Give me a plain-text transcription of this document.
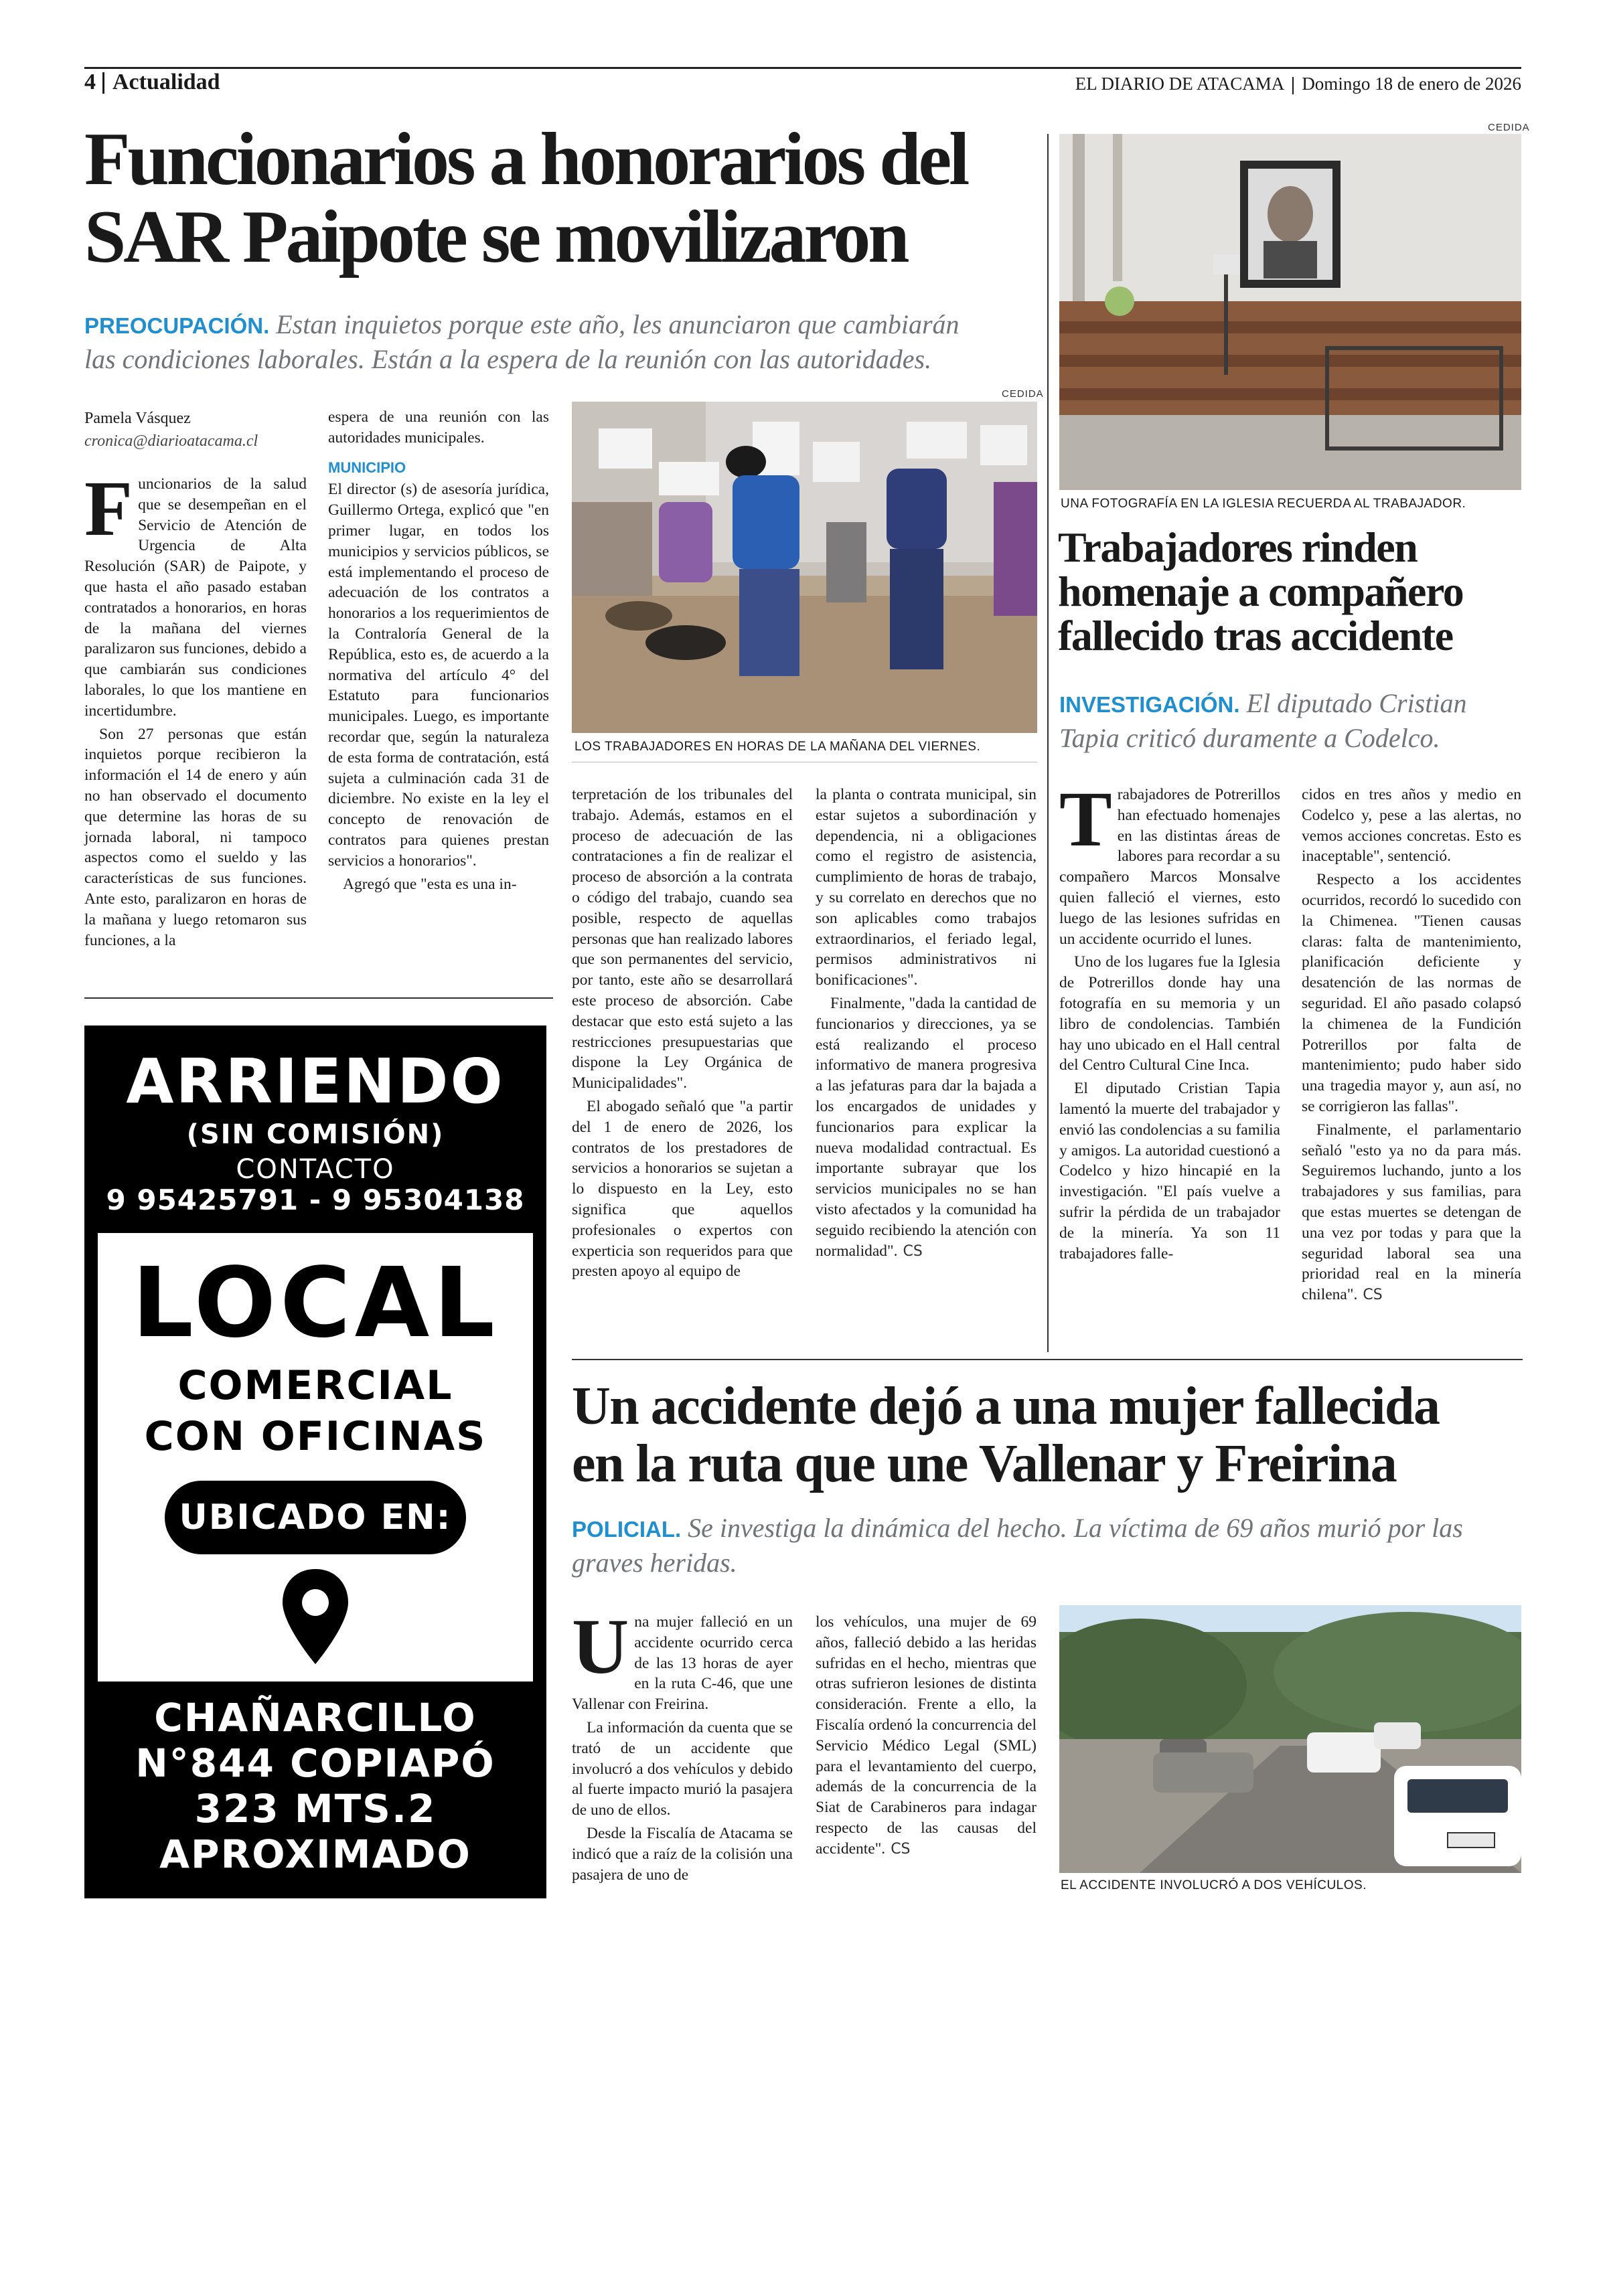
4 Actualidad	EL DIARIO DE ATACAMA Domingo 18 de enero de 2026
Funcionarios a honorarios del
SAR Paipote se movilizaron
PREOCUPACIÓN. Estan inquietos porque este año, les anunciaron que cambiarán
las condiciones laborales. Están a la espera de la reunión con las autoridades.
Pamela Vásquez
cronica@diarioatacama.cl

Funcionarios de la salud que se desempeñan en el Servicio de Atención de Urgencia de Alta Resolución (SAR) de Paipote, y que hasta el año pasado estaban contratados a honorarios, en horas de la mañana del viernes paralizaron sus funciones, debido a que cambiarán sus condiciones laborales, lo que los mantiene en incertidumbre.

Son 27 personas que están inquietos porque recibieron la información el 14 de enero y aún no han observado el documento que determine las horas de su jornada laboral, ni tampoco aspectos como el sueldo y las características de sus funciones. Ante esto, paralizaron en horas de la mañana y luego retomaron sus funciones, a la

espera de una reunión con las autoridades municipales.

MUNICIPIO

El director (s) de asesoría jurídica, Guillermo Ortega, explicó que "en primer lugar, en todos los municipios y servicios públicos, se está implementando el proceso de adecuación de los contratos a honorarios a los requerimientos de la Contraloría General de la República, esto es, de acuerdo a la normativa del artículo 4° del Estatuto para funcionarios municipales. Luego, es importante recordar que, según la naturaleza de esta forma de contratación, está sujeta a culminación cada 31 de diciembre. No existe en la ley el concepto de renovación de contratos para quienes prestan servicios a honorarios".

Agregó que "esta es una in-

CEDIDA
LOS TRABAJADORES EN HORAS DE LA MAÑANA DEL VIERNES.

terpretación de los tribunales del trabajo. Además, estamos en el proceso de adecuación de las contrataciones a fin de realizar el proceso de absorción a la contrata o código del trabajo, cuando sea posible, respecto de aquellas personas que han realizado labores que son permanentes del servicio, por tanto, este año se desarrollará este proceso de absorción. Cabe destacar que esto está sujeto a las restricciones presupuestarias que dispone la Ley Orgánica de Municipalidades".

El abogado señaló que "a partir del 1 de enero de 2026, los contratos de los prestadores de servicios a honorarios se sujetan a lo dispuesto en la Ley, esto significa que aquellos profesionales o expertos con experticia son requeridos para que presten apoyo al equipo de

la planta o contrata municipal, sin estar sujetos a subordinación y dependencia, ni a obligaciones como el registro de asistencia, cumplimiento de horas de trabajo, y su correlato en derechos que no son aplicables como trabajos extraordinarios, el feriado legal, permisos administrativos ni bonificaciones".

Finalmente, "dada la cantidad de funcionarios y direcciones, ya se está realizando el proceso informativo de manera progresiva a las jefaturas para dar la bajada a los encargados de unidades y funcionarios para explicar la nueva modalidad contractual. Es importante subrayar que los servicios municipales no se han visto afectados y la comunidad ha seguido recibiendo la atención con normalidad". CS

CEDIDA
UNA FOTOGRAFÍA EN LA IGLESIA RECUERDA AL TRABAJADOR.
Trabajadores rinden
homenaje a compañero
fallecido tras accidente
INVESTIGACIÓN. El diputado Cristian
Tapia criticó duramente a Codelco.

Trabajadores de Potrerillos han efectuado homenajes en las distintas áreas de labores para recordar a su compañero Marcos Monsalve quien falleció el viernes, esto luego de las lesiones sufridas en un accidente ocurrido el lunes.

Uno de los lugares fue la Iglesia de Potrerillos donde hay una fotografía en su memoria y un libro de condolencias. También hay uno ubicado en el Hall central del Centro Cultural Cine Inca.

El diputado Cristian Tapia lamentó la muerte del trabajador y envió las condolencias a su familia y amigos. La autoridad cuestionó a Codelco y hizo hincapié en la investigación. "El país vuelve a sufrir la pérdida de un trabajador de la minería. Ya son 11 trabajadores falle-

cidos en tres años y medio en Codelco y, pese a las alertas, no vemos acciones concretas. Esto es inaceptable", sentenció.

Respecto a los accidentes ocurridos, recordó lo sucedido con la Chimenea. "Tienen causas claras: falta de mantenimiento, planificación deficiente y desatención de las normas de seguridad. El año pasado colapsó la chimenea de la Fundición Potrerillos por falta de mantenimiento; pudo haber sido una tragedia mayor y, aun así, no se corrigieron las fallas".

Finalmente, el parlamentario señaló "esto ya no da para más. Seguiremos luchando, junto a los trabajadores y sus familias, para que estas muertes se detengan de una vez por todas y para que la seguridad laboral sea una prioridad real en la minería chilena". CS

Un accidente dejó a una mujer fallecida
en la ruta que une Vallenar y Freirina
POLICIAL. Se investiga la dinámica del hecho. La víctima de 69 años murió por las
graves heridas.

Una mujer falleció en un accidente ocurrido cerca de las 13 horas de ayer en la ruta C-46, que une Vallenar con Freirina.

La información da cuenta que se trató de un accidente que involucró a dos vehículos y debido al fuerte impacto murió la pasajera de uno de ellos.

Desde la Fiscalía de Atacama se indicó que a raíz de la colisión una pasajera de uno de

los vehículos, una mujer de 69 años, falleció debido a las heridas sufridas en el hecho, mientras que otras sufrieron lesiones de distinta consideración. Frente a ello, la Fiscalía ordenó la concurrencia del Servicio Médico Legal (SML) para el levantamiento del cuerpo, además de la concurrencia de la Siat de Carabineros para indagar respecto de las causas del accidente". CS

EL ACCIDENTE INVOLUCRÓ A DOS VEHÍCULOS.
ARRIENDO
(SIN COMISIÓN)
CONTACTO
9 95425791 - 9 95304138
LOCAL
COMERCIAL
CON OFICINAS
UBICADO EN:
CHAÑARCILLO
N°844 COPIAPÓ
323 MTS.2
APROXIMADO
